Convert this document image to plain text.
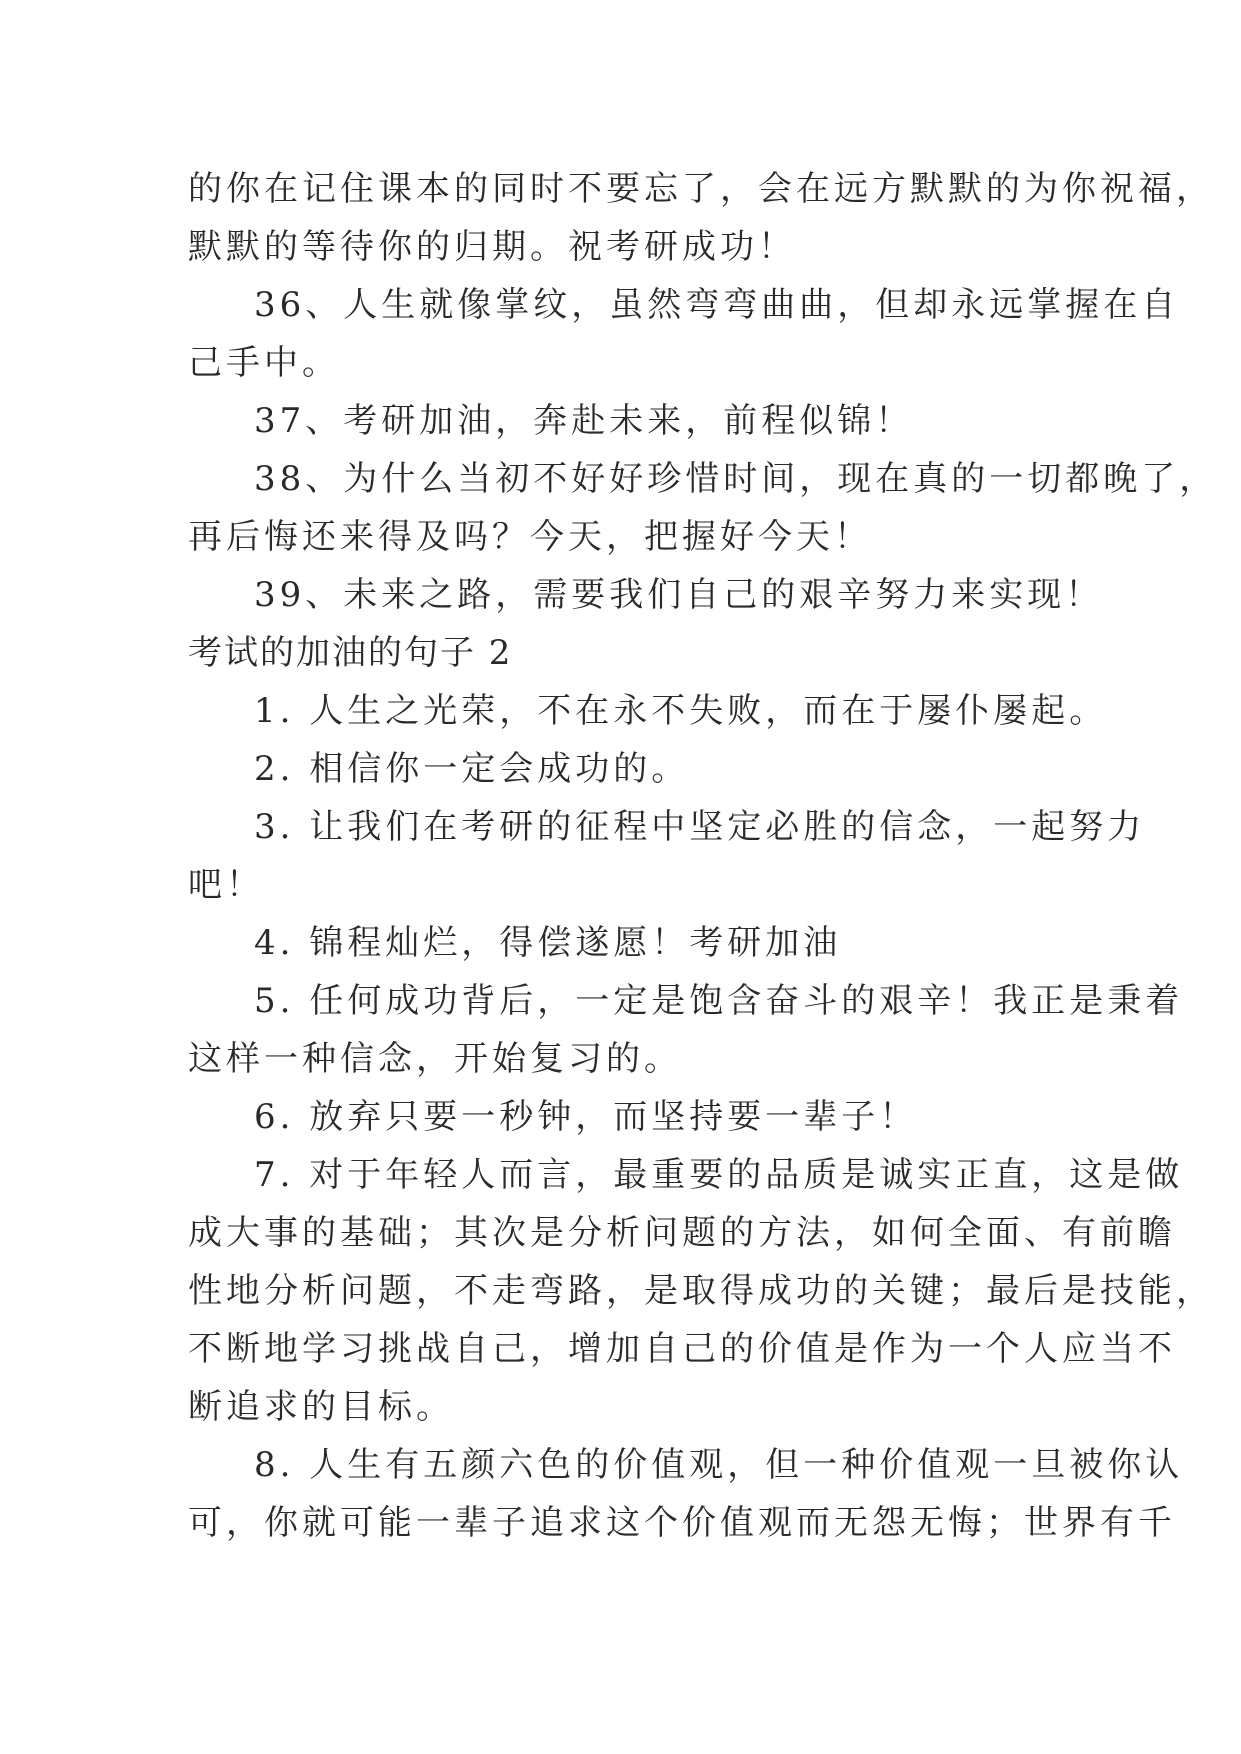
的你在记住课本的同时不要忘了，会在远方默默的为你祝福，
默默的等待你的归期。祝考研成功！
36、人生就像掌纹，虽然弯弯曲曲，但却永远掌握在自
己手中。
37、考研加油，奔赴未来，前程似锦！
38、为什么当初不好好珍惜时间，现在真的一切都晚了，
再后悔还来得及吗？今天，把握好今天！
39、未来之路，需要我们自己的艰辛努力来实现！
考试的加油的句子 2
1. 人生之光荣，不在永不失败，而在于屡仆屡起。
2. 相信你一定会成功的。
3. 让我们在考研的征程中坚定必胜的信念，一起努力
吧！
4. 锦程灿烂，得偿遂愿！考研加油
5. 任何成功背后，一定是饱含奋斗的艰辛！我正是秉着
这样一种信念，开始复习的。
6. 放弃只要一秒钟，而坚持要一辈子！
7. 对于年轻人而言，最重要的品质是诚实正直，这是做
成大事的基础；其次是分析问题的方法，如何全面、有前瞻
性地分析问题，不走弯路，是取得成功的关键；最后是技能，
不断地学习挑战自己，增加自己的价值是作为一个人应当不
断追求的目标。
8. 人生有五颜六色的价值观，但一种价值观一旦被你认
可，你就可能一辈子追求这个价值观而无怨无悔；世界有千
